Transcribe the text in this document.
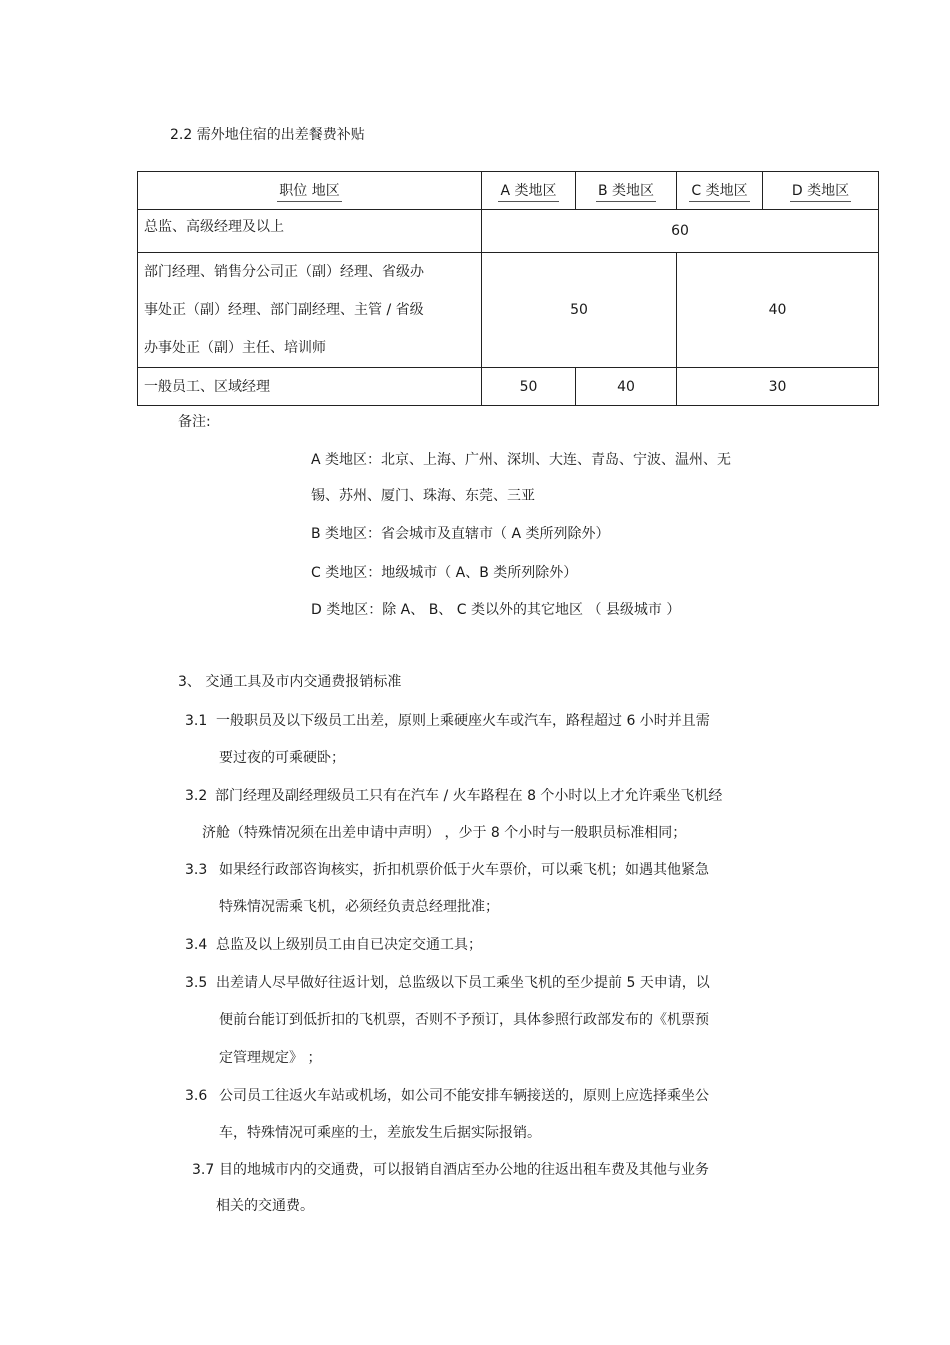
2.2 需外地住宿的出差餐费补贴
职位 地区	A 类地区	B 类地区	C 类地区	D 类地区
总监、高级经理及以上	60			

部门经理、销售分公司正（副）经理、省级办
事处正（副）经理、部门副经理、主管 / 省级
办事处正（副）主任、培训师	50		40	
一般员工、区域经理	50	40	30	
备注:
A 类地区：北京、上海、广州、深圳、大连、青岛、宁波、温州、无
锡、苏州、厦门、珠海、东莞、三亚
B 类地区：省会城市及直辖市（ A 类所列除外）
C 类地区：地级城市（ A、B 类所列除外）
D 类地区：除 A、 B、 C 类以外的其它地区 （ 县级城市 ）
3、 交通工具及市内交通费报销标准
3.1 一般职员及以下级员工出差，原则上乘硬座火车或汽车，路程超过 6 小时并且需
要过夜的可乘硬卧；
3.2 部门经理及副经理级员工只有在汽车 / 火车路程在 8 个小时以上才允许乘坐飞机经
济舱（特殊情况须在出差申请中声明） ，少于 8 个小时与一般职员标准相同；
3.3 如果经行政部咨询核实，折扣机票价低于火车票价，可以乘飞机；如遇其他紧急
特殊情况需乘飞机，必须经负责总经理批准；
3.4 总监及以上级别员工由自已决定交通工具；
3.5 出差请人尽早做好往返计划，总监级以下员工乘坐飞机的至少提前 5 天申请，以
便前台能订到低折扣的飞机票，否则不予预订，具体参照行政部发布的《机票预
定管理规定》 ；
3.6 公司员工往返火车站或机场，如公司不能安排车辆接送的，原则上应选择乘坐公
车，特殊情况可乘座的士，差旅发生后据实际报销。
3.7 目的地城市内的交通费，可以报销自酒店至办公地的往返出租车费及其他与业务
相关的交通费。
